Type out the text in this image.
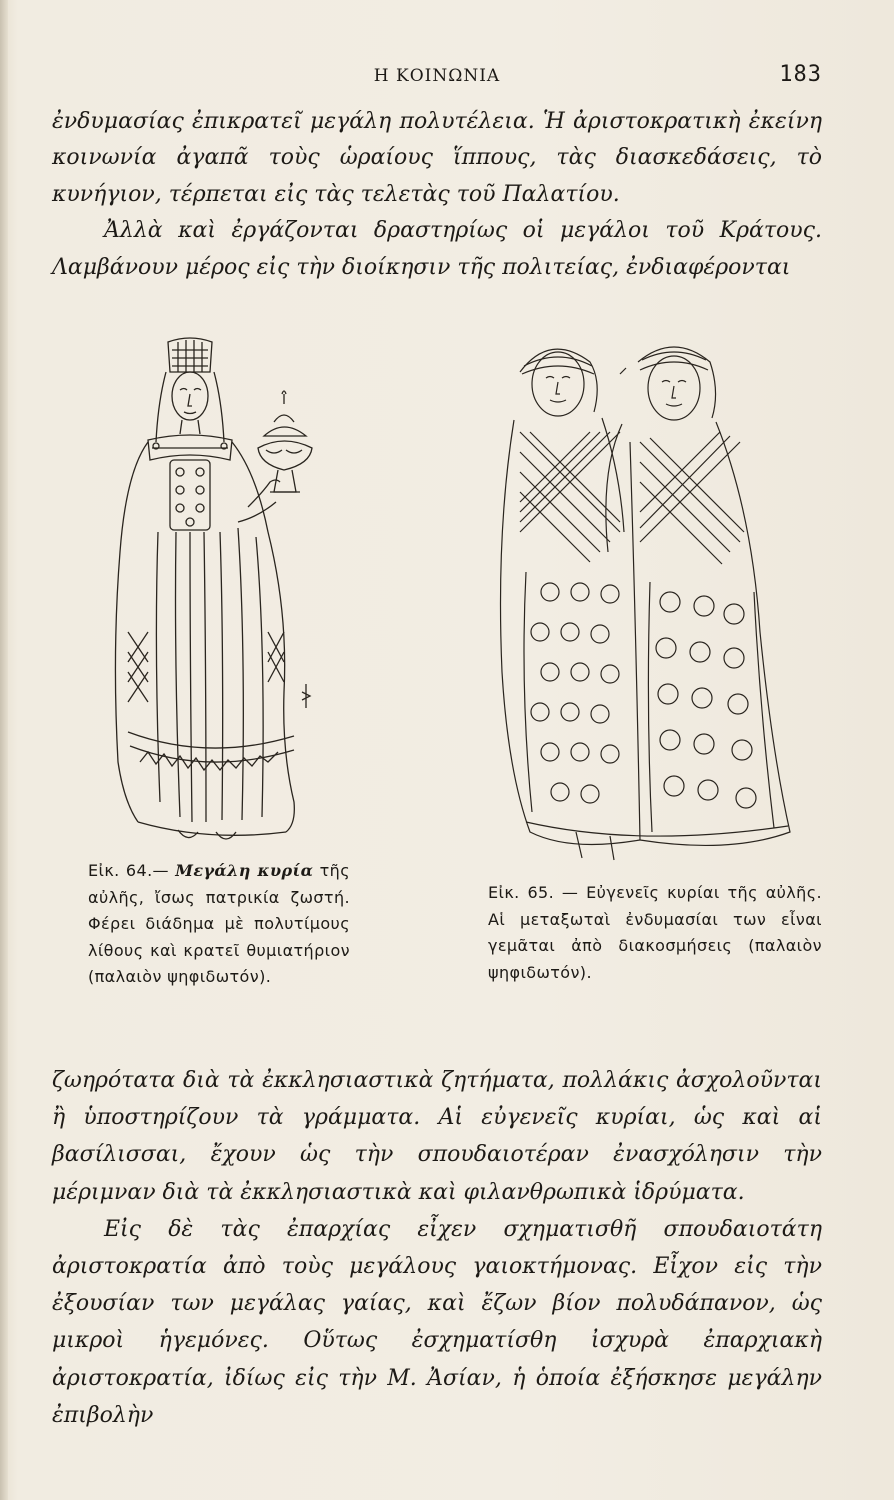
Η ΚΟΙΝΩΝΙΑ	183

ἐνδυμασίας ἐπικρατεῖ μεγάλη πολυτέλεια. Ἡ ἀριστοκρατικὴ ἐκείνη κοινωνία ἀγαπᾶ τοὺς ὡραίους ἵππους, τὰς διασκεδάσεις, τὸ κυνήγιον, τέρπεται εἰς τὰς τελετὰς τοῦ Παλατίου.

Ἀλλὰ καὶ ἐργάζονται δραστηρίως οἱ μεγάλοι τοῦ Κράτους. Λαμβάνουν μέρος εἰς τὴν διοίκησιν τῆς πολιτείας, ἐνδιαφέρονται

Εἰκ. 64.— Μεγάλη κυρία τῆς αὐλῆς, ἴσως πατρικία ζωστή. Φέρει διάδημα μὲ πολυτίμους λίθους καὶ κρατεῖ θυμιατήριον (παλαιὸν ψηφιδωτόν).
Εἰκ. 65. — Εὐγενεῖς κυρίαι τῆς αὐλῆς. Αἱ μεταξωταὶ ἐνδυμασίαι των εἶναι γεμᾶται ἀπὸ διακοσμήσεις (παλαιὸν ψηφιδωτόν).

ζωηρότατα διὰ τὰ ἐκκλησιαστικὰ ζητήματα, πολλάκις ἀσχολοῦνται ἢ ὑποστηρίζουν τὰ γράμματα. Αἱ εὐγενεῖς κυρίαι, ὡς καὶ αἱ βασίλισσαι, ἔχουν ὡς τὴν σπουδαιοτέραν ἐνασχόλησιν τὴν μέριμναν διὰ τὰ ἐκκλησιαστικὰ καὶ φιλανθρωπικὰ ἱδρύματα.

Εἰς δὲ τὰς ἐπαρχίας εἶχεν σχηματισθῆ σπουδαιοτάτη ἀριστοκρατία ἀπὸ τοὺς μεγάλους γαιοκτήμονας. Εἶχον εἰς τὴν ἐξουσίαν των μεγάλας γαίας, καὶ ἔζων βίον πολυδάπανον, ὡς μικροὶ ἡγεμόνες. Οὕτως ἐσχηματίσθη ἰσχυρὰ ἐπαρχιακὴ ἀριστοκρατία, ἰδίως εἰς τὴν Μ. Ἀσίαν, ἡ ὁποία ἐξήσκησε μεγάλην ἐπιβολὴν
